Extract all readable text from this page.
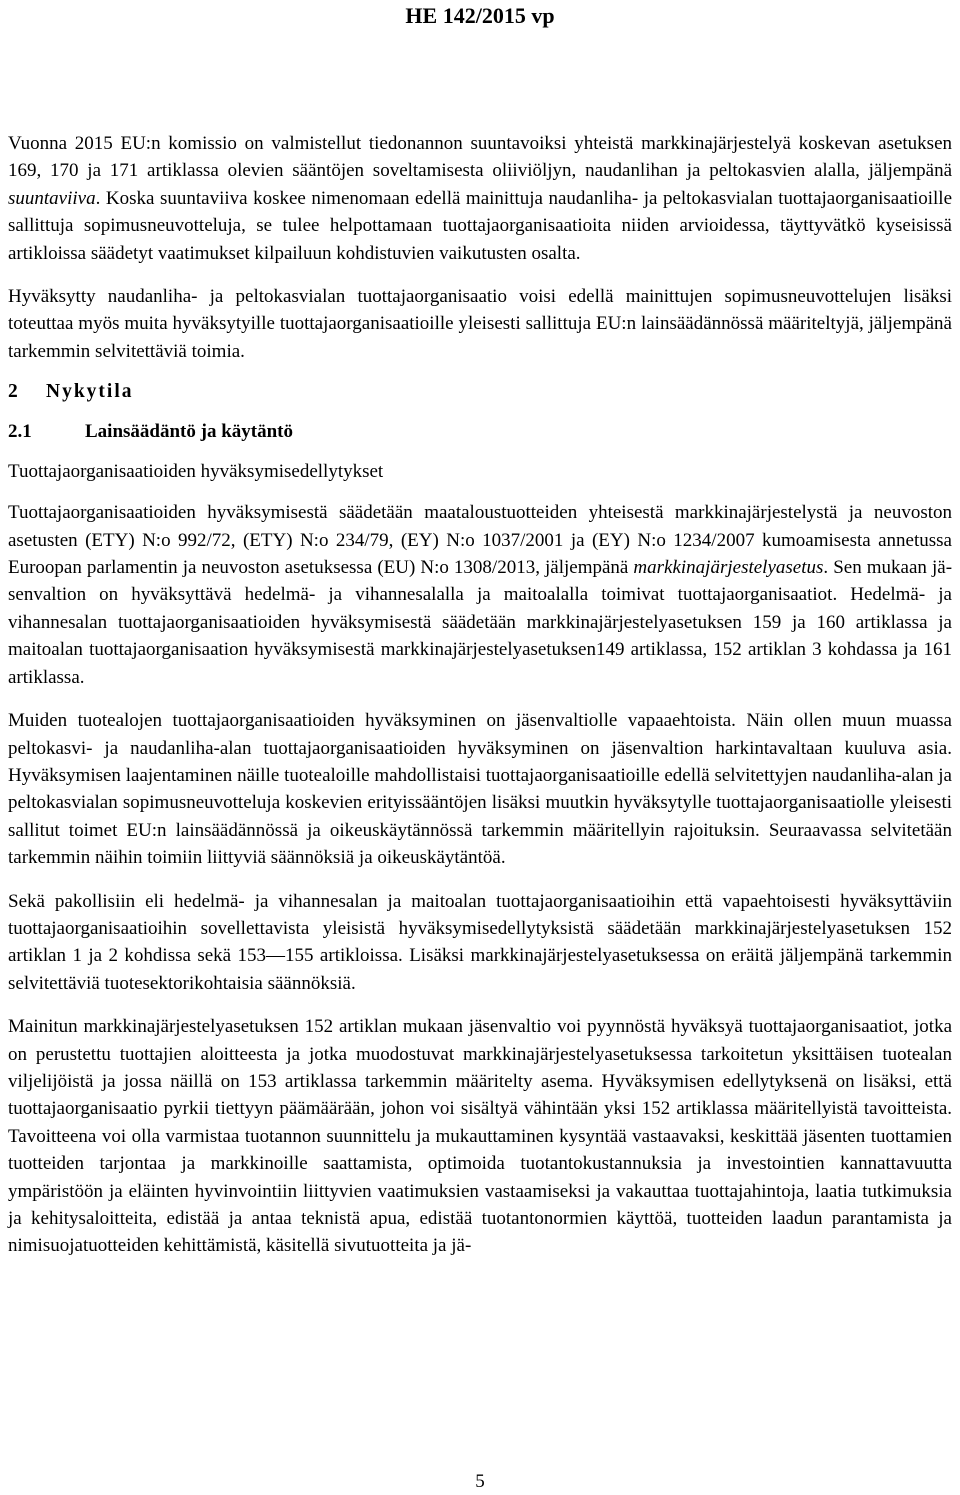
HE 142/2015 vp

Vuonna 2015 EU:n komissio on valmistellut tiedonannon suuntavoiksi yhteistä markkinajärjestelyä koskevan asetuksen 169, 170 ja 171 artiklassa olevien sääntöjen soveltamisesta oliiviöljyn, naudanlihan ja peltokasvien alalla, jäljempänä suuntaviiva. Koska suuntaviiva koskee nimenomaan edellä mainittuja naudanliha- ja peltokasvialan tuottajaorganisaatioille sallittuja sopimusneuvotteluja, se tulee helpottamaan tuottajaorganisaatioita niiden arvioidessa, täyttyvätkö kyseisissä artikloissa säädetyt vaatimukset kilpailuun kohdistuvien vaikutusten osalta.

Hyväksytty naudanliha- ja peltokasvialan tuottajaorganisaatio voisi edellä mainittujen sopimusneuvottelujen lisäksi toteuttaa myös muita hyväksytyille tuottajaorganisaatioille yleisesti sallittuja EU:n lainsäädännössä määriteltyjä, jäljempänä tarkemmin selvitettäviä toimia.

2 Nykytila
2.1	Lainsäädäntö ja käytäntö
Tuottajaorganisaatioiden hyväksymisedellytykset

Tuottajaorganisaatioiden hyväksymisestä säädetään maataloustuotteiden yhteisestä markkinajärjestelystä ja neuvoston asetusten (ETY) N:o 992/72, (ETY) N:o 234/79, (EY) N:o 1037/2001 ja (EY) N:o 1234/2007 kumoamisesta annetussa Euroopan parlamentin ja neuvoston asetuksessa (EU) N:o 1308/2013, jäljempänä markkinajärjestelyasetus. Sen mukaan jäsenvaltion on hyväksyttävä hedelmä- ja vihannesalalla ja maitoalalla toimivat tuottajaorganisaatiot. Hedelmä- ja vihannesalan tuottajaorganisaatioiden hyväksymisestä säädetään markkinajärjestelyasetuksen 159 ja 160 artiklassa ja maitoalan tuottajaorganisaation hyväksymisestä markkinajärjestelyasetuksen149 artiklassa, 152 artiklan 3 kohdassa ja 161 artiklassa.

Muiden tuotealojen tuottajaorganisaatioiden hyväksyminen on jäsenvaltiolle vapaaehtoista. Näin ollen muun muassa peltokasvi- ja naudanliha-alan tuottajaorganisaatioiden hyväksyminen on jäsenvaltion harkintavaltaan kuuluva asia. Hyväksymisen laajentaminen näille tuotealoille mahdollistaisi tuottajaorganisaatioille edellä selvitettyjen naudanliha-alan ja peltokasvialan sopimusneuvotteluja koskevien erityissääntöjen lisäksi muutkin hyväksytylle tuottajaorganisaatiolle yleisesti sallitut toimet EU:n lainsäädännössä ja oikeuskäytännössä tarkemmin määritellyin rajoituksin. Seuraavassa selvitetään tarkemmin näihin toimiin liittyviä säännöksiä ja oikeuskäytäntöä.

Sekä pakollisiin eli hedelmä- ja vihannesalan ja maitoalan tuottajaorganisaatioihin että vapaehtoisesti hyväksyttäviin tuottajaorganisaatioihin sovellettavista yleisistä hyväksymisedellytyksistä säädetään markkinajärjestelyasetuksen 152 artiklan 1 ja 2 kohdissa sekä 153—155 artikloissa. Lisäksi markkinajärjestelyasetuksessa on eräitä jäljempänä tarkemmin selvitettäviä tuotesektorikohtaisia säännöksiä.

Mainitun markkinajärjestelyasetuksen 152 artiklan mukaan jäsenvaltio voi pyynnöstä hyväksyä tuottajaorganisaatiot, jotka on perustettu tuottajien aloitteesta ja jotka muodostuvat markkinajärjestelyasetuksessa tarkoitetun yksittäisen tuotealan viljelijöistä ja jossa näillä on 153 artiklassa tarkemmin määritelty asema. Hyväksymisen edellytyksenä on lisäksi, että tuottajaorganisaatio pyrkii tiettyyn päämäärään, johon voi sisältyä vähintään yksi 152 artiklassa määritellyistä tavoitteista. Tavoitteena voi olla varmistaa tuotannon suunnittelu ja mukauttaminen kysyntää vastaavaksi, keskittää jäsenten tuottamien tuotteiden tarjontaa ja markkinoille saattamista, optimoida tuotantokustannuksia ja investointien kannattavuutta ympäristöön ja eläinten hyvinvointiin liittyvien vaatimuksien vastaamiseksi ja vakauttaa tuottajahintoja, laatia tutkimuksia ja kehitysaloitteita, edistää ja antaa teknistä apua, edistää tuotantonormien käyttöä, tuotteiden laadun parantamista ja nimisuojatuotteiden kehittämistä, käsitellä sivutuotteita ja jä-

5
